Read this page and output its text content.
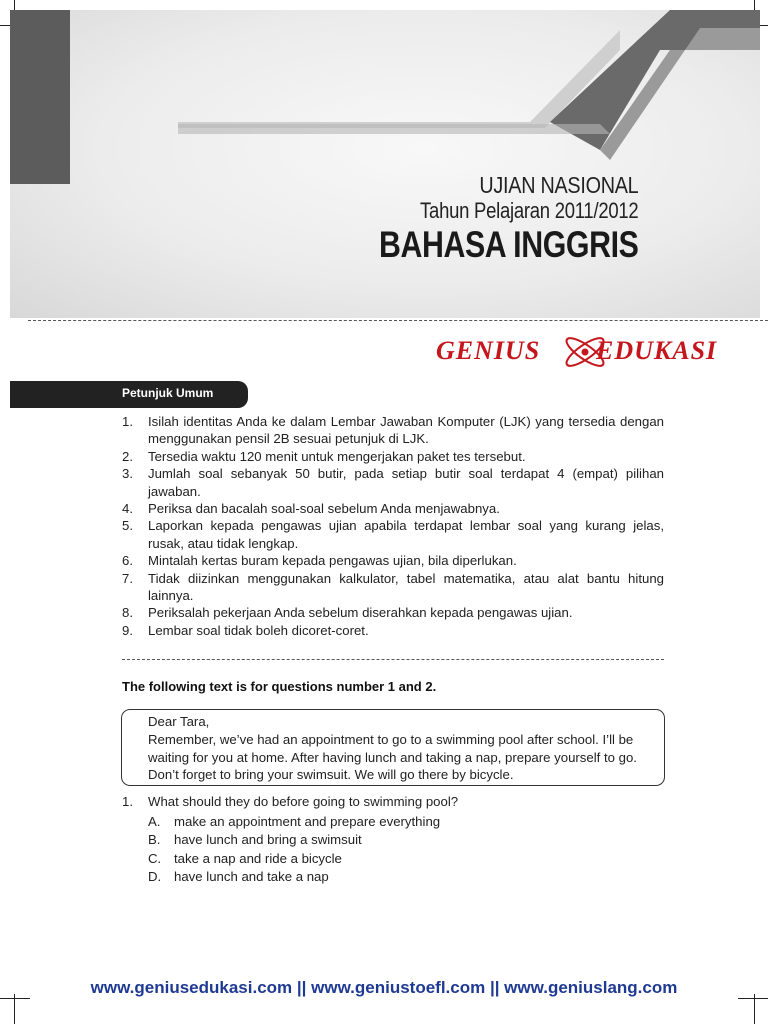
UJIAN NASIONAL
Tahun Pelajaran 2011/2012
BAHASA INGGRIS
GENIUS EDUKASI
Petunjuk Umum
1. Isilah identitas Anda ke dalam Lembar Jawaban Komputer (LJK) yang tersedia dengan menggunakan pensil 2B sesuai petunjuk di LJK.
2. Tersedia waktu 120 menit untuk mengerjakan paket tes tersebut.
3. Jumlah soal sebanyak 50 butir, pada setiap butir soal terdapat 4 (empat) pilihan jawaban.
4. Periksa dan bacalah soal-soal sebelum Anda menjawabnya.
5. Laporkan kepada pengawas ujian apabila terdapat lembar soal yang kurang jelas, rusak, atau tidak lengkap.
6. Mintalah kertas buram kepada pengawas ujian, bila diperlukan.
7. Tidak diizinkan menggunakan kalkulator, tabel matematika, atau alat bantu hitung lainnya.
8. Periksalah pekerjaan Anda sebelum diserahkan kepada pengawas ujian.
9. Lembar soal tidak boleh dicoret-coret.
The following text is for questions number 1 and 2.
Dear Tara,
Remember, we’ve had an appointment to go to a swimming pool after school. I’ll be waiting for you at home. After having lunch and taking a nap, prepare yourself to go. Don’t forget to bring your swimsuit. We will go there by bicycle.
1. What should they do before going to swimming pool?
A. make an appointment and prepare everything
B. have lunch and bring a swimsuit
C. take a nap and ride a bicycle
D. have lunch and take a nap
www.geniusedukasi.com || www.geniustoefl.com || www.geniuslang.com
